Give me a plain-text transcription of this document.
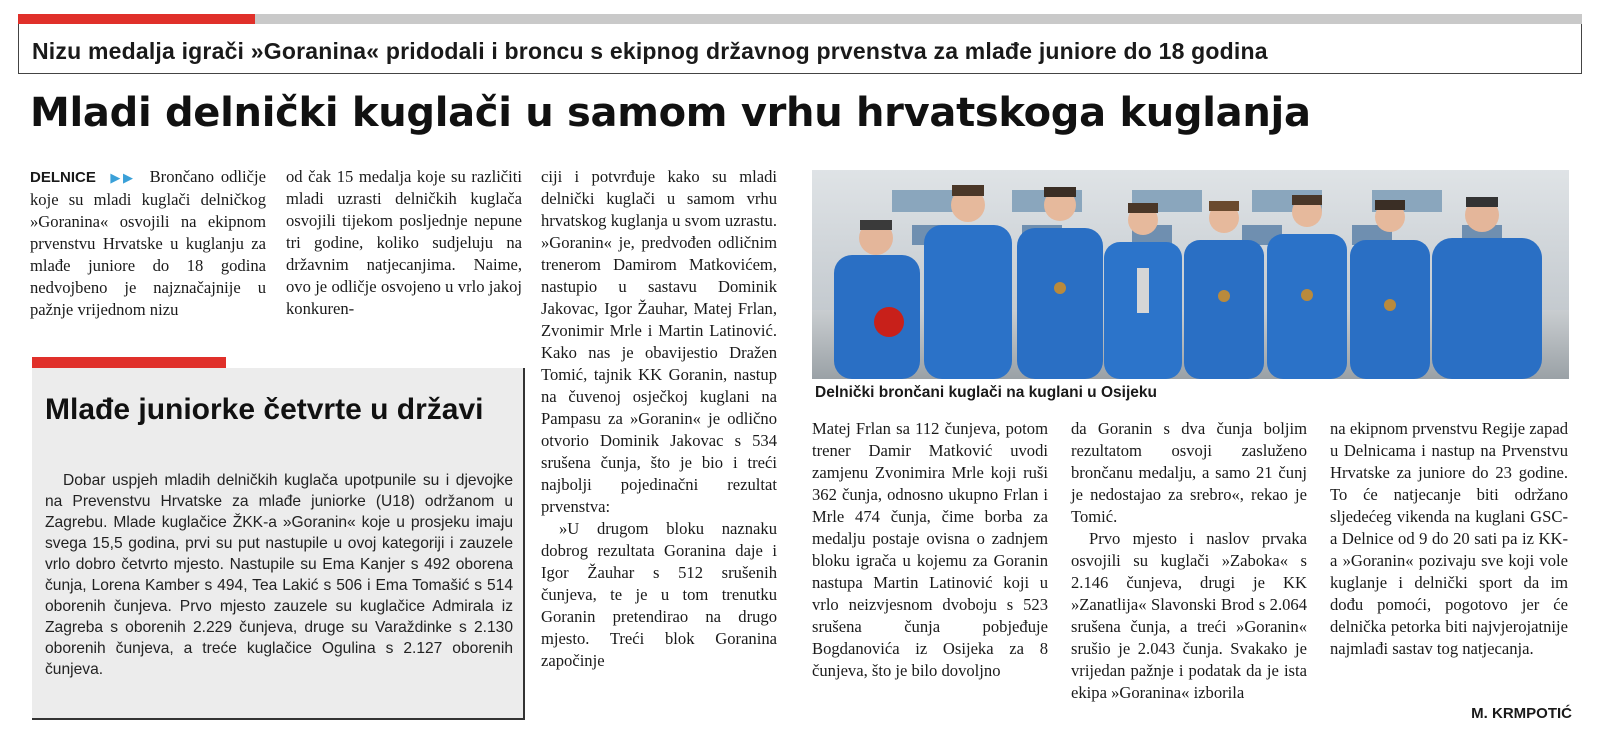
Nizu medalja igrači »Goranina« pridodali i broncu s ekipnog državnog prvenstva za mlađe juniore do 18 godina
Mladi delnički kuglači u samom vrhu hrvatskoga kuglanja

DELNICE ▶▶ Brončano odličje koje su mladi kuglači delničkog »Goranina« osvojili na ekipnom prvenstvu Hrvatske u kuglanju za mlađe juniore do 18 godina nedvojbeno je najznačajnije u pažnje vrijednom nizu

od čak 15 medalja koje su različiti mladi uzrasti delničkih kuglača osvojili tijekom posljednje nepune tri godine, koliko sudjeluju na državnim natjecanjima. Naime, ovo je odličje osvojeno u vrlo jakoj konkuren-

Mlađe juniorke četvrte u državi

Dobar uspjeh mladih delničkih kuglača upotpunile su i djevojke na Prevenstvu Hrvatske za mlađe juniorke (U18) održanom u Zagrebu. Mlade kuglačice ŽKK-a »Goranin« koje u prosjeku imaju svega 15,5 godina, prvi su put nastupile u ovoj kategoriji i zauzele vrlo dobro četvrto mjesto. Nastupile su Ema Kanjer s 492 oborena čunja, Lorena Kamber s 494, Tea Lakić s 506 i Ema Tomašić s 514 oborenih čunjeva. Prvo mjesto zauzele su kuglačice Admirala iz Zagreba s oborenih 2.229 čunjeva, druge su Varaždinke s 2.130 oborenih čunjeva, a treće kuglačice Ogulina s 2.127 oborenih čunjeva.

ciji i potvrđuje kako su mladi delnički kuglači u samom vrhu hrvatskog kuglanja u svom uzrastu. »Goranin« je, predvođen odličnim trenerom Damirom Matkovićem, nastupio u sastavu Dominik Jakovac, Igor Žauhar, Matej Frlan, Zvonimir Mrle i Martin Latinović. Kako nas je obavijestio Dražen Tomić, tajnik KK Goranin, nastup na čuvenoj osječkoj kuglani na Pampasu za »Goranin« je odlično otvorio Dominik Jakovac s 534 srušena čunja, što je bio i treći najbolji pojedinačni rezultat prvenstva:

»U drugom bloku naznaku dobrog rezultata Goranina daje i Igor Žauhar s 512 srušenih čunjeva, te je u tom trenutku Goranin pretendirao na drugo mjesto. Treći blok Goranina započinje

Delnički brončani kuglači na kuglani u Osijeku

Matej Frlan sa 112 čunjeva, potom trener Damir Matković uvodi zamjenu Zvonimira Mrle koji ruši 362 čunja, odnosno ukupno Frlan i Mrle 474 čunja, čime borba za medalju postaje ovisna o zadnjem bloku igrača u kojemu za Goranin nastupa Martin Latinović koji u vrlo neizvjesnom dvoboju s 523 srušena čunja pobjeđuje Bogdanovića iz Osijeka za 8 čunjeva, što je bilo dovoljno

da Goranin s dva čunja boljim rezultatom osvoji zasluženo brončanu medalju, a samo 21 čunj je nedostajao za srebro«, rekao je Tomić.

Prvo mjesto i naslov prvaka osvojili su kuglači »Zaboka« s 2.146 čunjeva, drugi je KK »Zanatlija« Slavonski Brod s 2.064 srušena čunja, a treći »Goranin« srušio je 2.043 čunja. Svakako je vrijedan pažnje i podatak da je ista ekipa »Goranina« izborila

na ekipnom prvenstvu Regije zapad u Delnicama i nastup na Prvenstvu Hrvatske za juniore do 23 godine. To će natjecanje biti održano sljedećeg vikenda na kuglani GSC-a Delnice od 9 do 20 sati pa iz KK-a »Goranin« pozivaju sve koji vole kuglanje i delnički sport da im dođu pomoći, pogotovo jer će delnička petorka biti najvjerojatnije najmlađi sastav tog natjecanja.

M. KRMPOTIĆ
